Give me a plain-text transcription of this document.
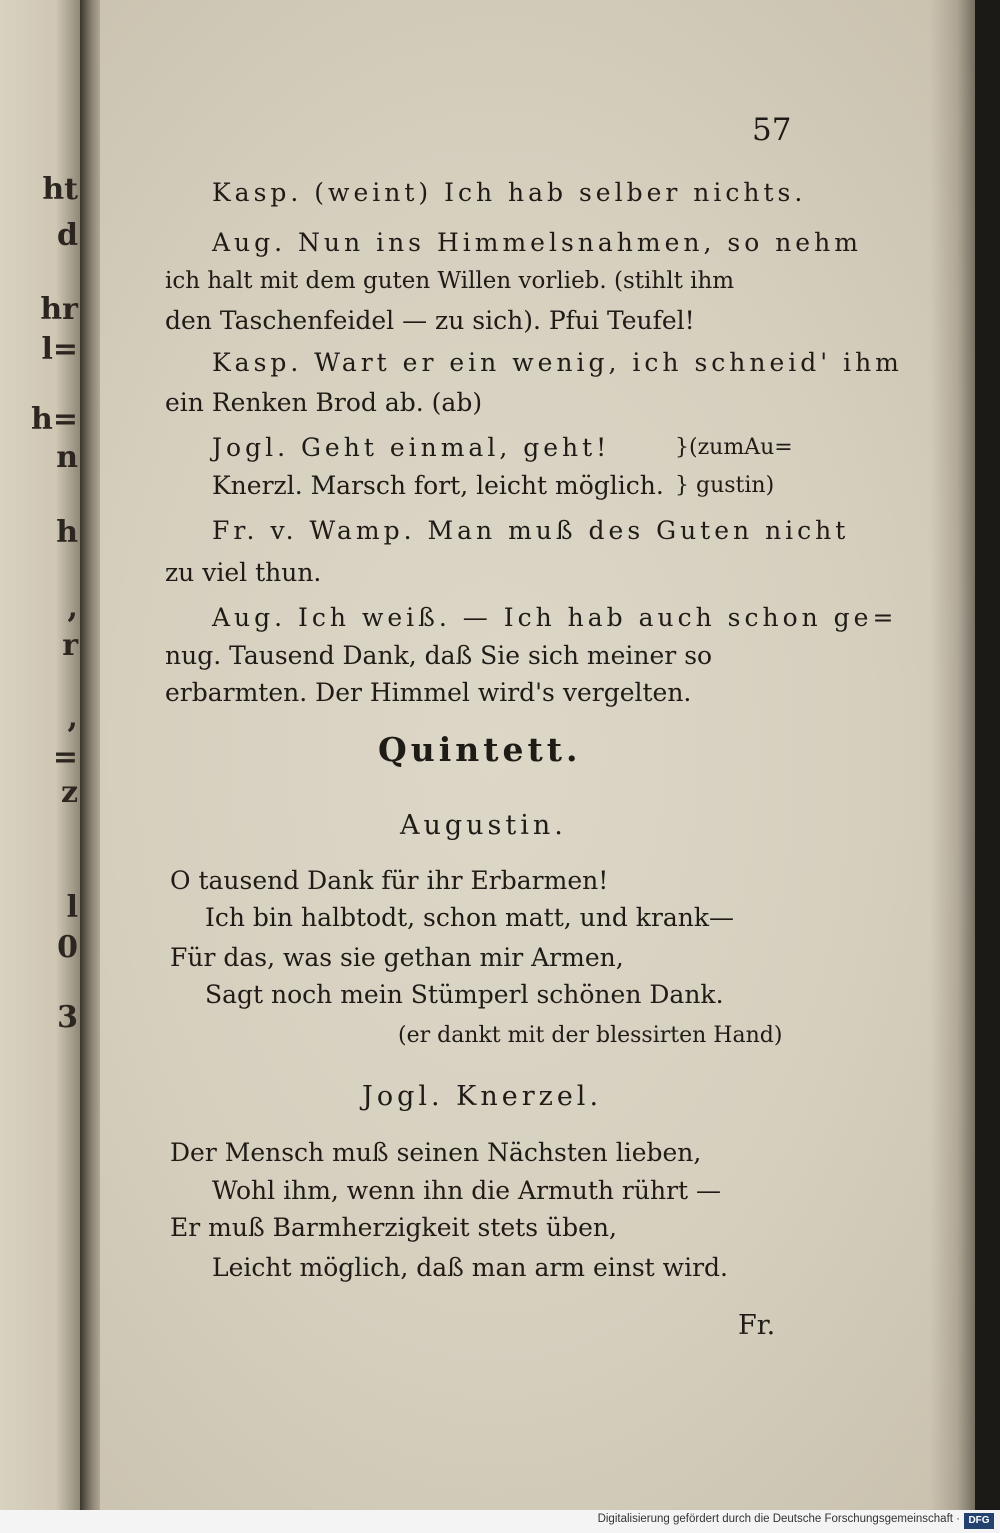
ht
d
hr
l=
h=
n
h
,
r
,
=
z
l
0
3
57
Kasp. (weint) Ich hab selber nichts.
Aug. Nun ins Himmelsnahmen, so nehm
ich halt mit dem guten Willen vorlieb. (stihlt ihm
den Taschenfeidel — zu sich). Pfui Teufel!
Kasp. Wart er ein wenig, ich schneid' ihm
ein Renken Brod ab. (ab)
Jogl. Geht einmal, geht!	}(zumAu=
Knerzl. Marsch fort, leicht möglich. } gustin)
Fr. v. Wamp. Man muß des Guten nicht
zu viel thun.
Aug. Ich weiß. — Ich hab auch schon ge=
nug. Tausend Dank, daß Sie sich meiner so
erbarmten. Der Himmel wird's vergelten.
Quintett.
Augustin.
O tausend Dank für ihr Erbarmen!
Ich bin halbtodt, schon matt, und krank—
Für das, was sie gethan mir Armen,
Sagt noch mein Stümperl schönen Dank.
(er dankt mit der blessirten Hand)
Jogl. Knerzel.
Der Mensch muß seinen Nächsten lieben,
Wohl ihm, wenn ihn die Armuth rührt —
Er muß Barmherzigkeit stets üben,
Leicht möglich, daß man arm einst wird.
Fr.
Digitalisierung gefördert durch die Deutsche Forschungsgemeinschaft · DFG
